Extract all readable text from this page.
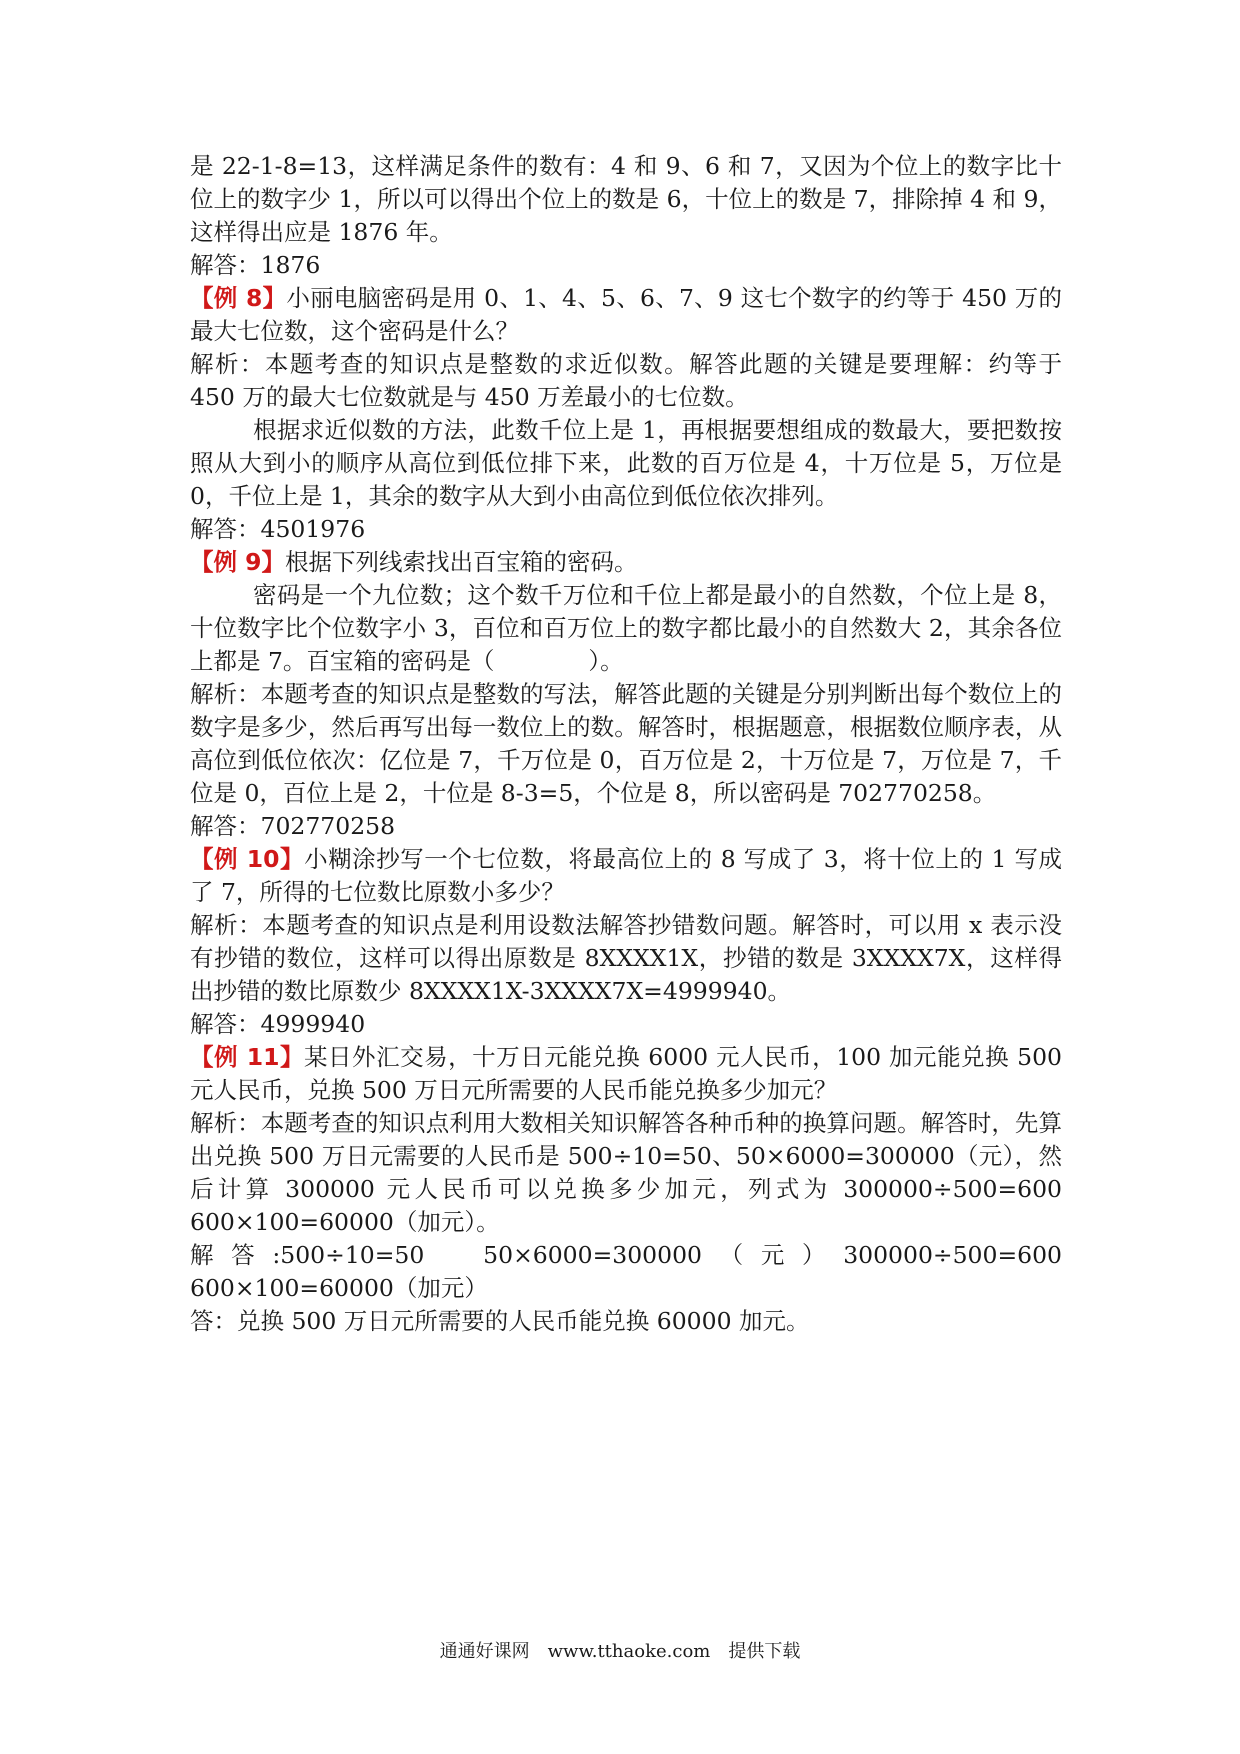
是 22-1-8=13，这样满足条件的数有：4 和 9、6 和 7，又因为个位上的数字比十位上的数字少 1，所以可以得出个位上的数是 6，十位上的数是 7，排除掉 4 和 9，这样得出应是 1876 年。

解答：1876

【例 8】小丽电脑密码是用 0、1、4、5、6、7、9 这七个数字的约等于 450 万的最大七位数，这个密码是什么？

解析：本题考查的知识点是整数的求近似数。解答此题的关键是要理解：约等于 450 万的最大七位数就是与 450 万差最小的七位数。

根据求近似数的方法，此数千位上是 1，再根据要想组成的数最大，要把数按照从大到小的顺序从高位到低位排下来，此数的百万位是 4，十万位是 5，万位是 0，千位上是 1，其余的数字从大到小由高位到低位依次排列。

解答：4501976

【例 9】根据下列线索找出百宝箱的密码。

密码是一个九位数；这个数千万位和千位上都是最小的自然数，个位上是 8，十位数字比个位数字小 3，百位和百万位上的数字都比最小的自然数大 2，其余各位上都是 7。百宝箱的密码是（　　　　）。

解析：本题考查的知识点是整数的写法，解答此题的关键是分别判断出每个数位上的数字是多少，然后再写出每一数位上的数。解答时，根据题意，根据数位顺序表，从高位到低位依次：亿位是 7，千万位是 0，百万位是 2，十万位是 7，万位是 7，千位是 0，百位上是 2，十位是 8-3=5，个位是 8，所以密码是 702770258。

解答：702770258

【例 10】小糊涂抄写一个七位数，将最高位上的 8 写成了 3，将十位上的 1 写成了 7，所得的七位数比原数小多少？

解析：本题考查的知识点是利用设数法解答抄错数问题。解答时，可以用 x 表示没有抄错的数位，这样可以得出原数是 8XXXX1X，抄错的数是 3XXXX7X，这样得出抄错的数比原数少 8XXXX1X-3XXXX7X=4999940。

解答：4999940

【例 11】某日外汇交易，十万日元能兑换 6000 元人民币，100 加元能兑换 500 元人民币，兑换 500 万日元所需要的人民币能兑换多少加元？

解析：本题考查的知识点利用大数相关知识解答各种币种的换算问题。解答时，先算出兑换 500 万日元需要的人民币是 500÷10=50、50×6000=300000（元），然后计算 300000 元人民币可以兑换多少加元，列式为 300000÷500=600　600×100=60000（加元）。

解答:500÷10=50　50×6000=300000（元）300000÷500=600　600×100=60000（加元）

答：兑换 500 万日元所需要的人民币能兑换 60000 加元。

通通好课网　www.tthaoke.com　提供下载
